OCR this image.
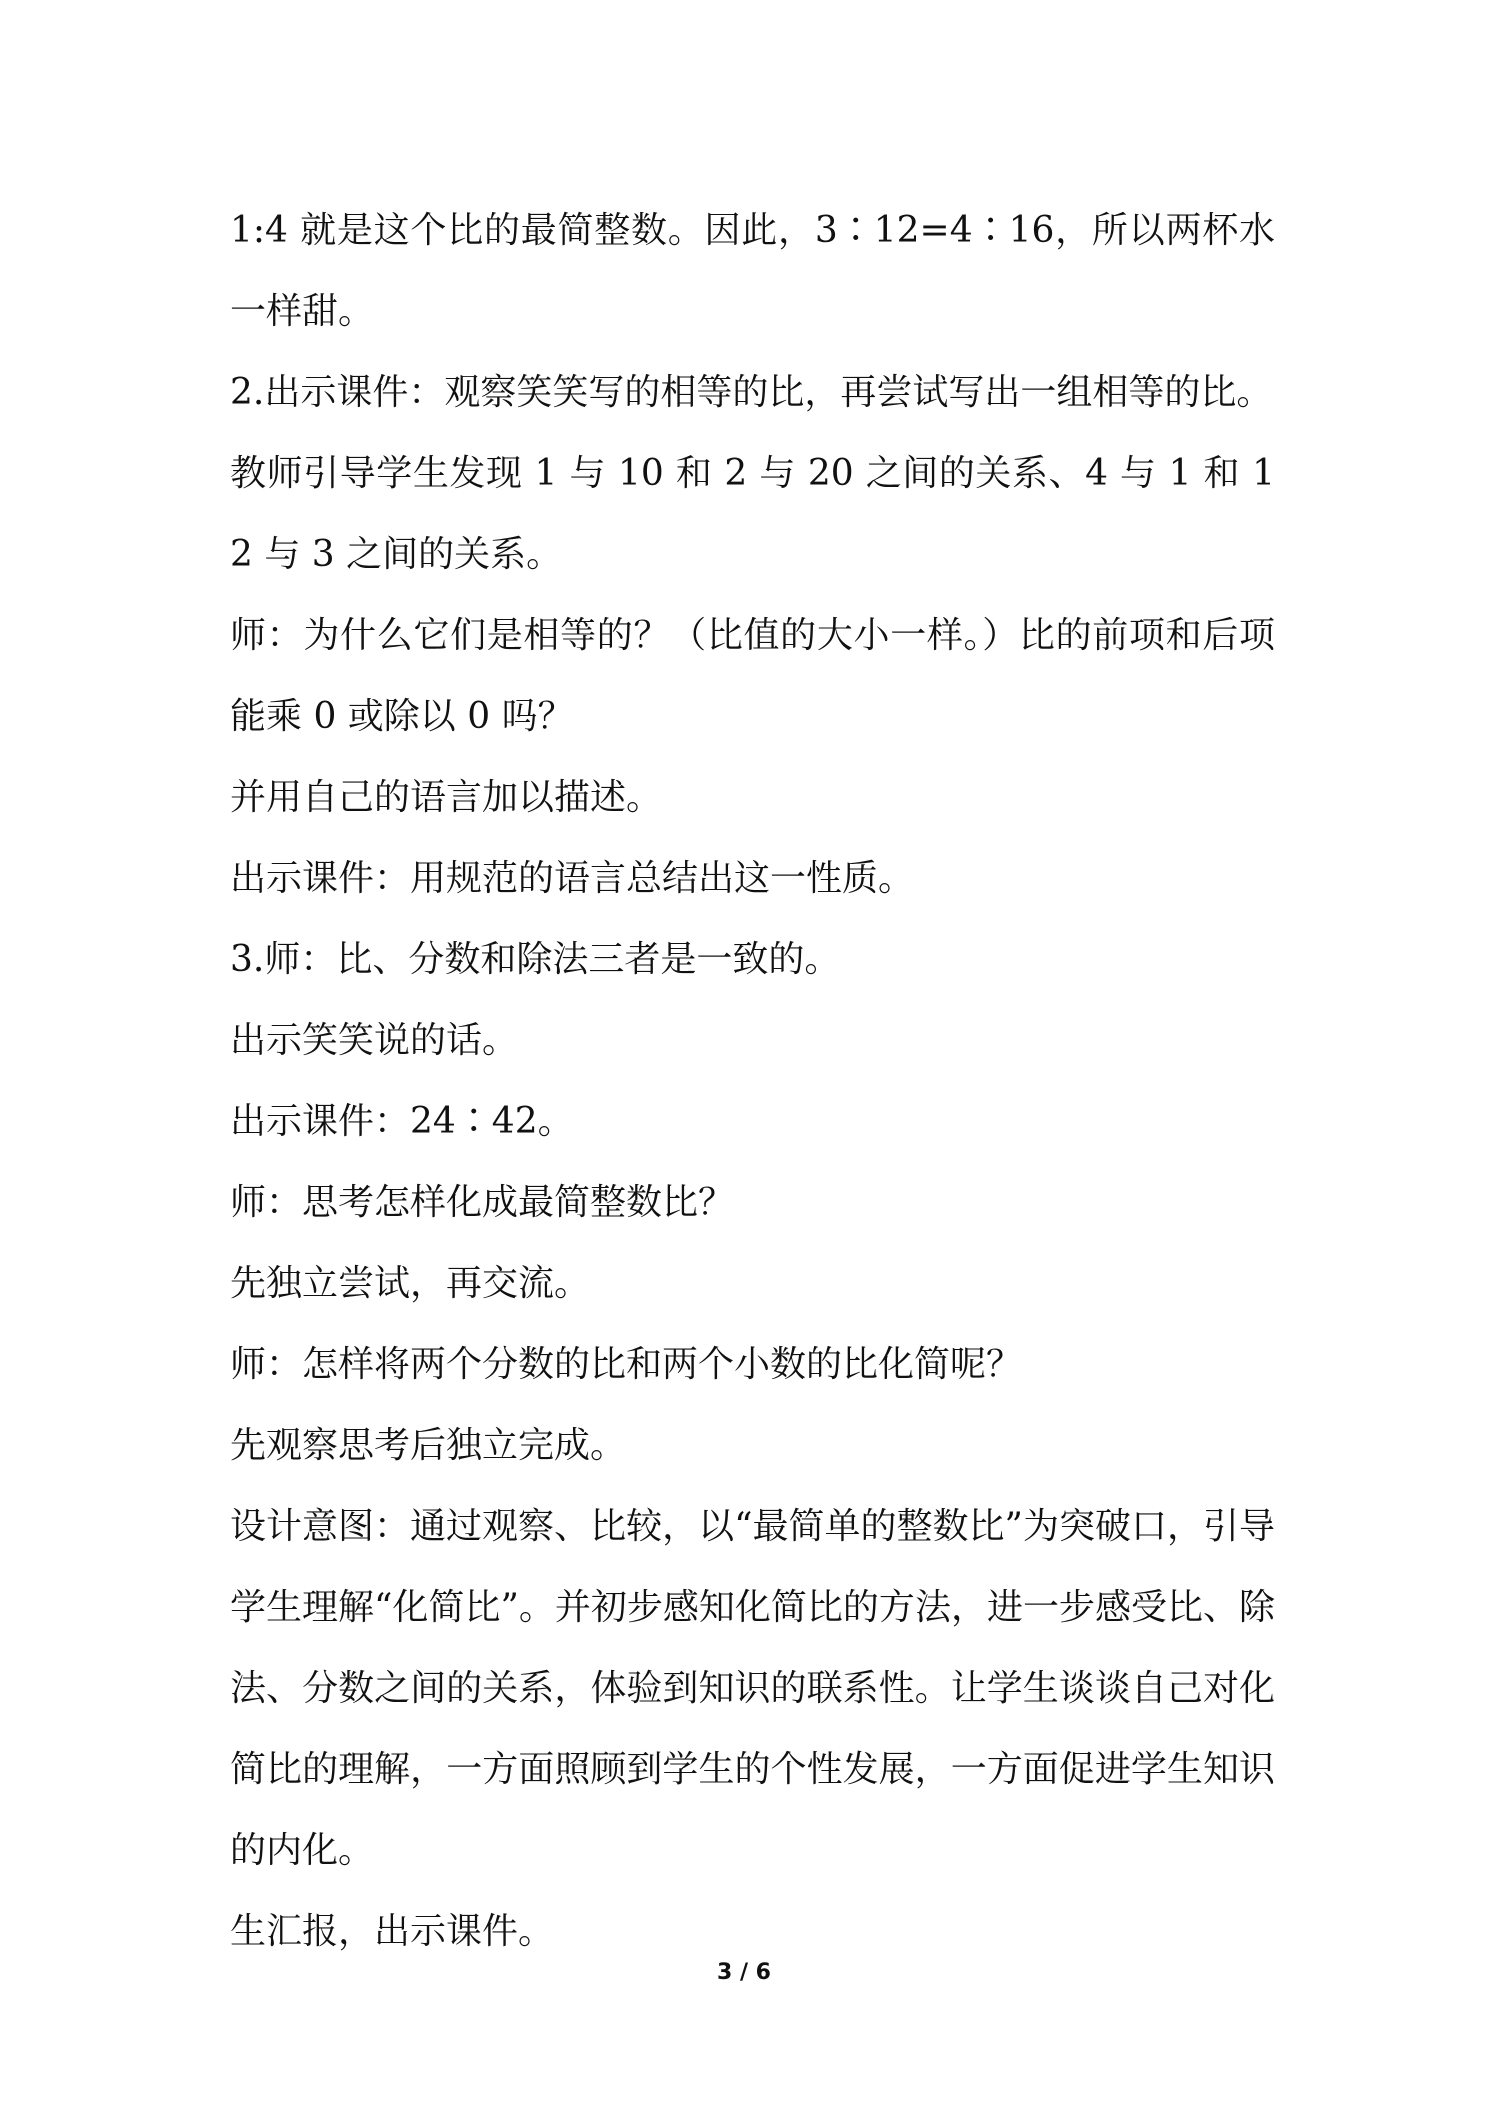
1:4 就是这个比的最简整数。因此，3∶12=4∶16，所以两杯水一样甜。

2.出示课件：观察笑笑写的相等的比，再尝试写出一组相等的比。

教师引导学生发现 1 与 10 和 2 与 20 之间的关系、4 与 1 和 12 与 3 之间的关系。

师：为什么它们是相等的？（比值的大小一样。）比的前项和后项能乘 0 或除以 0 吗？

并用自己的语言加以描述。

出示课件：用规范的语言总结出这一性质。

3.师：比、分数和除法三者是一致的。

出示笑笑说的话。

出示课件：24∶42。

师：思考怎样化成最简整数比？

先独立尝试，再交流。

师：怎样将两个分数的比和两个小数的比化简呢？

先观察思考后独立完成。

设计意图：通过观察、比较，以“最简单的整数比”为突破口，引导学生理解“化简比”。并初步感知化简比的方法，进一步感受比、除法、分数之间的关系，体验到知识的联系性。让学生谈谈自己对化简比的理解，一方面照顾到学生的个性发展，一方面促进学生知识的内化。

生汇报，出示课件。

3 / 6
